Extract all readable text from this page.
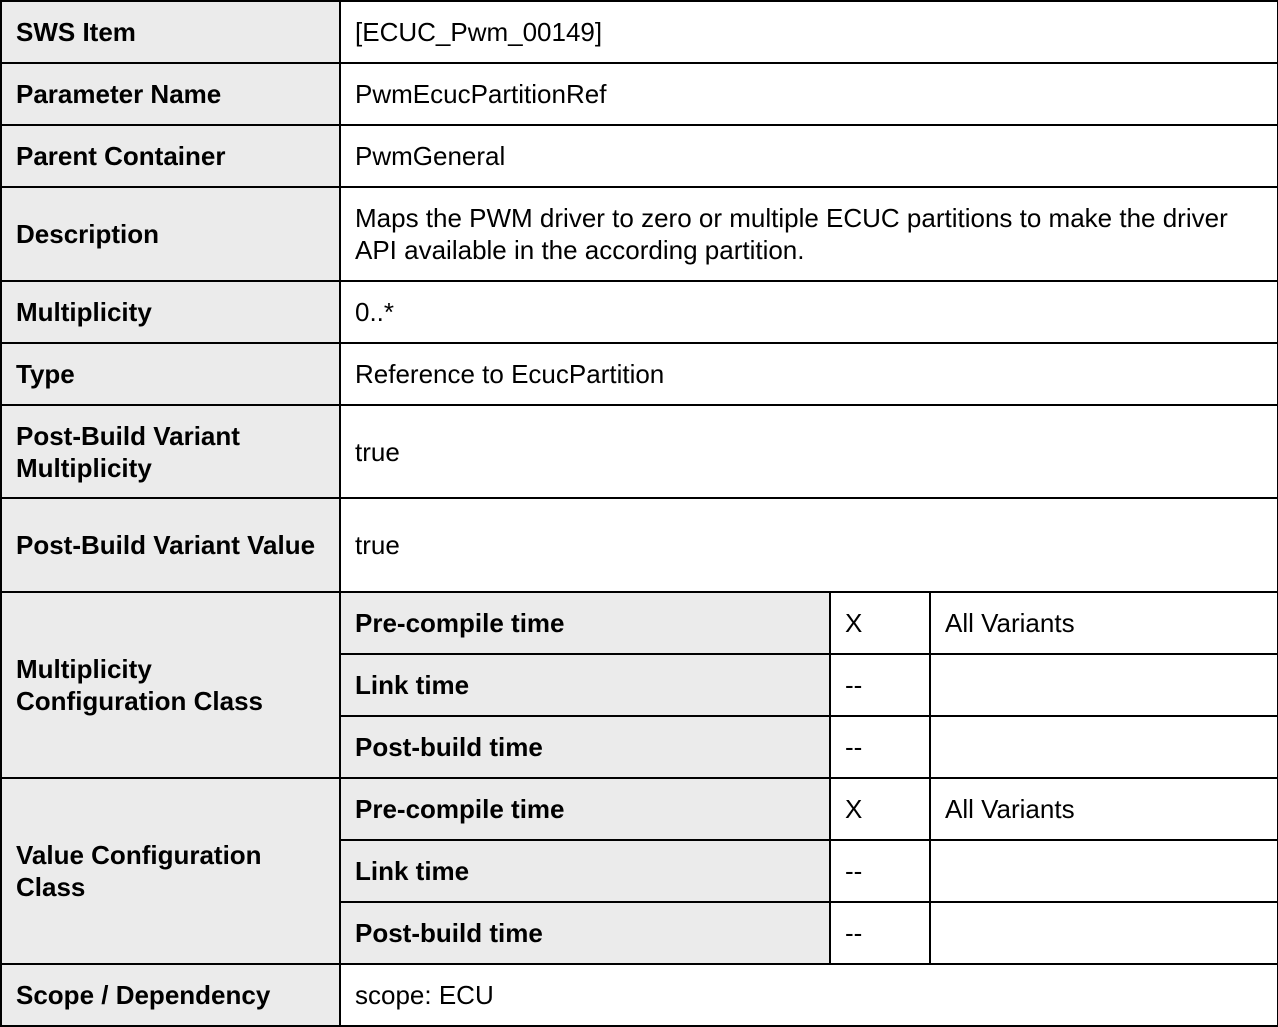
SWS Item	[ECUC_Pwm_00149]		
Parameter Name	PwmEcucPartitionRef		
Parent Container	PwmGeneral		
Description	Maps the PWM driver to zero or multiple ECUC partitions to make the driver API available in the according partition.		
Multiplicity	0..*		
Type	Reference to EcucPartition		
Post-Build Variant Multiplicity	true		
Post-Build Variant Value	true		
Multiplicity Configuration Class	Pre-compile time	X	All Variants
	Link time	--	
	Post-build time	--	
Value Configuration Class	Pre-compile time	X	All Variants
	Link time	--	
	Post-build time	--	
Scope / Dependency	scope: ECU		
